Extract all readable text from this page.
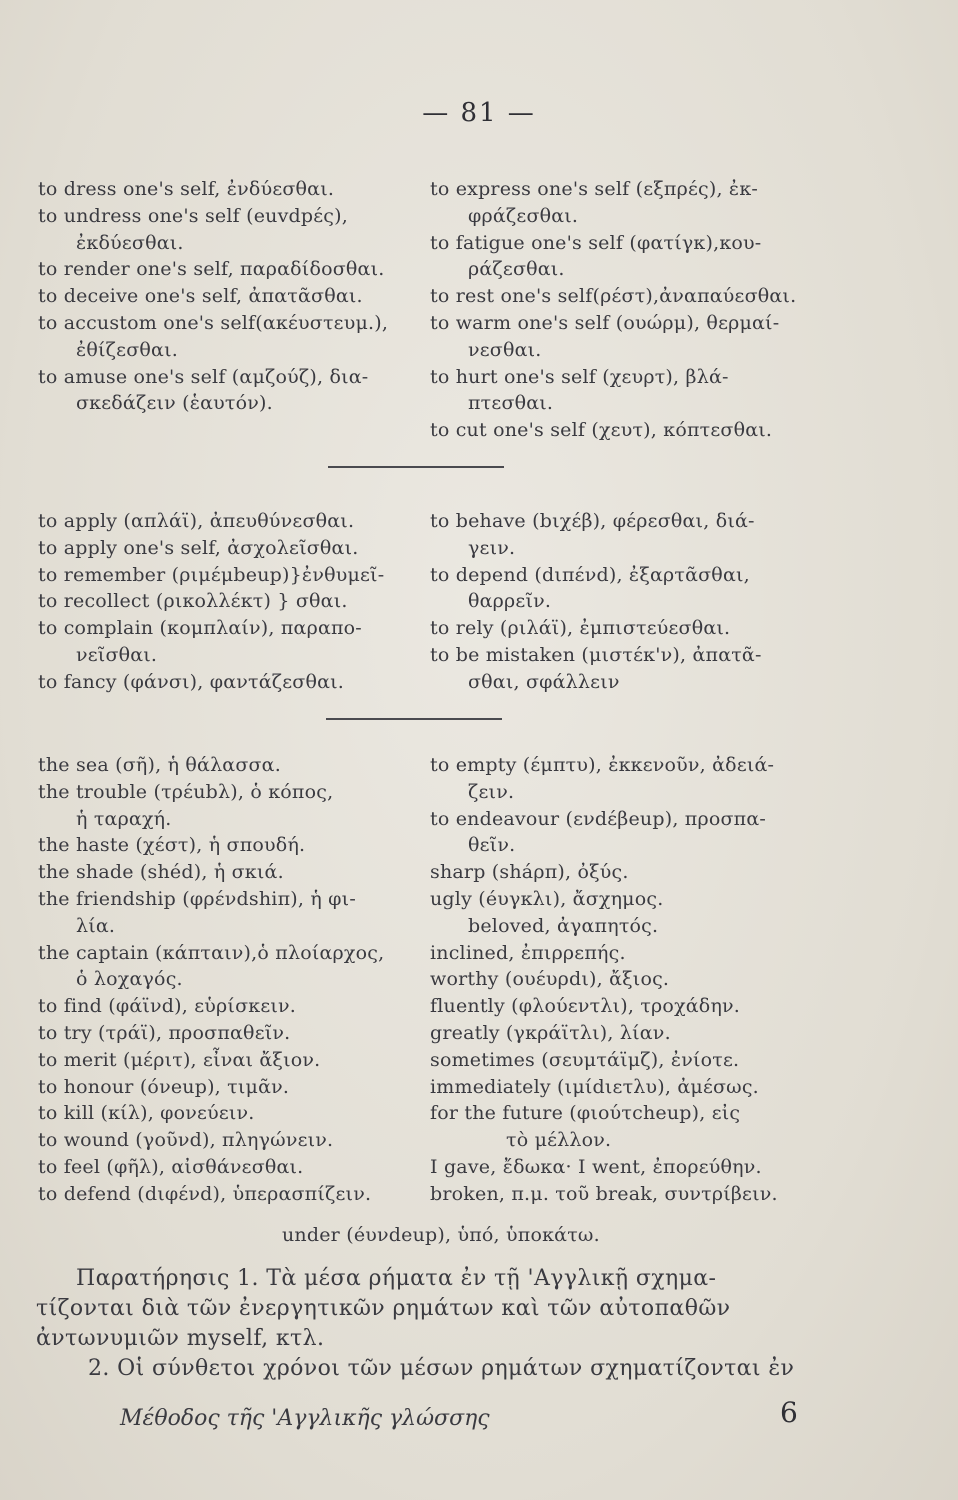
— 81 —
to dress one's self, ἐνδύεσθαι.
to undress one's self (euvdpές),
ἐκδύεσθαι.
to render one's self, παραδίδοσθαι.
to deceive one's self, ἀπατᾶσθαι.
to accustom one's self(ακέυστευμ.),
ἐθίζεσθαι.
to amuse one's self (αμζούζ), δια-
σκεδάζειν (ἑαυτόν).
to express one's self (εξπρές), ἐκ-
φράζεσθαι.
to fatigue one's self (φατίγκ),κου-
ράζεσθαι.
to rest one's self(ρέστ),ἀναπαύεσθαι.
to warm one's self (ουώρμ), θερμαί-
νεσθαι.
to hurt one's self (χευρτ), βλά-
πτεσθαι.
to cut one's self (χευτ), κόπτεσθαι.
to apply (απλάϊ), ἀπευθύνεσθαι.
to apply one's self, ἀσχολεῖσθαι.
to remember (ριμέμbeup)}ἐνθυμεῖ-
to recollect (ρικολλέκτ) } σθαι.
to complain (κομπλαίν), παραπο-
νεῖσθαι.
to fancy (φάνσι), φαντάζεσθαι.
to behave (bιχέβ), φέρεσθαι, διά-
γειν.
to depend (dιπένd), ἐξαρτᾶσθαι,
θαρρεῖν.
to rely (ριλάϊ), ἐμπιστεύεσθαι.
to be mistaken (μιστέκ'ν), ἀπατᾶ-
σθαι, σφάλλειν
the sea (σῆ), ἡ θάλασσα.
the trouble (τρέubλ), ὁ κόπος,
ἡ ταραχή.
the haste (χέστ), ἡ σπουδή.
the shade (shéd), ἡ σκιά.
the friendship (φρένdshiπ), ἡ φι-
λία.
the captain (κάπταιν),ὁ πλοίαρχος,
ὁ λοχαγός.
to find (φάϊνd), εὑρίσκειν.
to try (τράϊ), προσπαθεῖν.
to merit (μέριτ), εἶναι ἄξιον.
to honour (όνeup), τιμᾶν.
to kill (κίλ), φονεύειν.
to wound (γοῦνd), πληγώνειν.
to feel (φῆλ), αἰσθάνεσθαι.
to defend (dιφένd), ὑπερασπίζειν.
to empty (έμπτυ), ἐκκενοῦν, ἀδειά-
ζειν.
to endeavour (ενdέβeup), προσπα-
θεῖν.
sharp (sháρπ), ὀξύς.
ugly (éυγκλι), ἄσχημος.
beloved, ἀγαπητός.
inclined, ἐπιρρεπής.
worthy (ουέυρdι), ἄξιος.
fluently (φλούεντλι), τροχάδην.
greatly (γκράϊτλι), λίαν.
sometimes (σευμτάϊμζ), ἐνίοτε.
immediately (ιμίdιετλυ), ἀμέσως.
for the future (φιούτcheup), εἰς
τὸ μέλλον.
I gave, ἔδωκα· I went, ἐπορεύθην.
broken, π.μ. τοῦ break, συντρίβειν.
under (éυνdeup), ὑπό, ὑποκάτω.
Παρατήρησις 1. Τὰ μέσα ρήματα ἐν τῇ 'Αγγλικῇ σχημα-
τίζονται διὰ τῶν ἐνεργητικῶν ρημάτων καὶ τῶν αὐτοπαθῶν
ἀντωνυμιῶν myself, κτλ.
2. Οἱ σύνθετοι χρόνοι τῶν μέσων ρημάτων σχηματίζονται ἐν
Μέθοδος τῆς 'Αγγλικῆς γλώσσης	6
